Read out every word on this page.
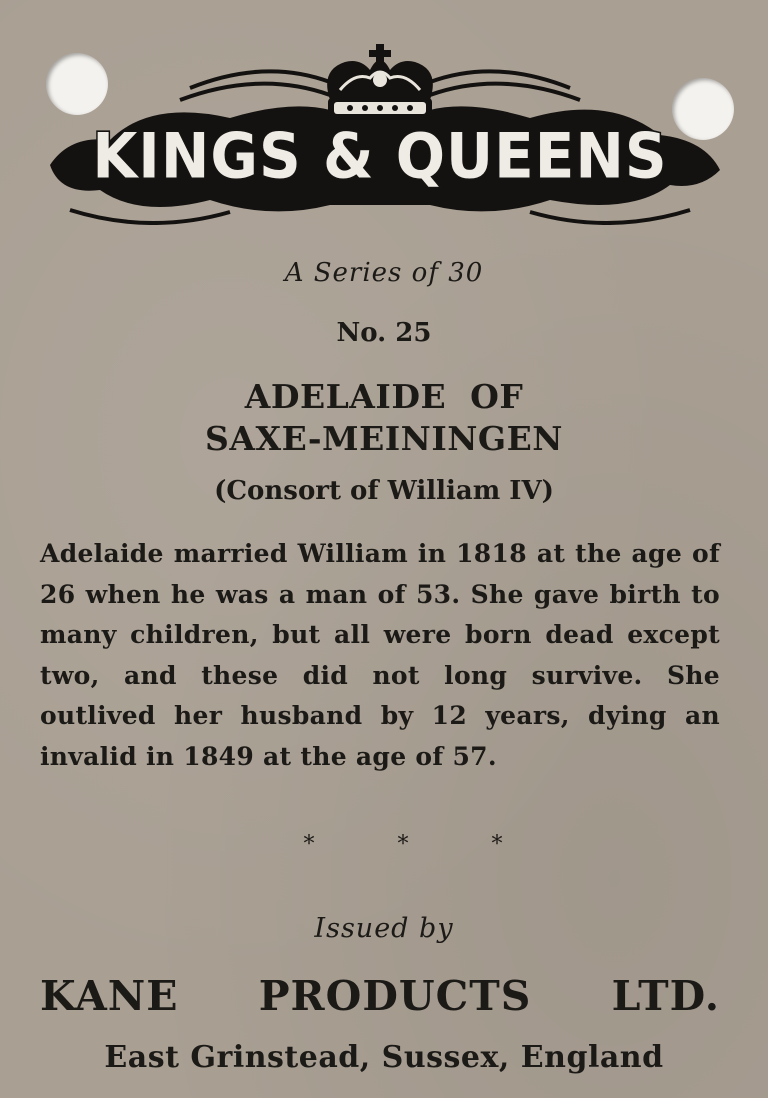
KINGS & QUEENS
A Series of 30
No. 25
ADELAIDE  OF
SAXE-MEININGEN
(Consort of William IV)
Adelaide married William in 1818 at the age of 26 when he was a man of 53. She gave birth to many children, but all were born dead except two, and these did not long survive. She outlived her husband by 12 years, dying an invalid in 1849 at the age of 57.
* * *
Issued by
KANE PRODUCTS LTD.
East Grinstead, Sussex, England
